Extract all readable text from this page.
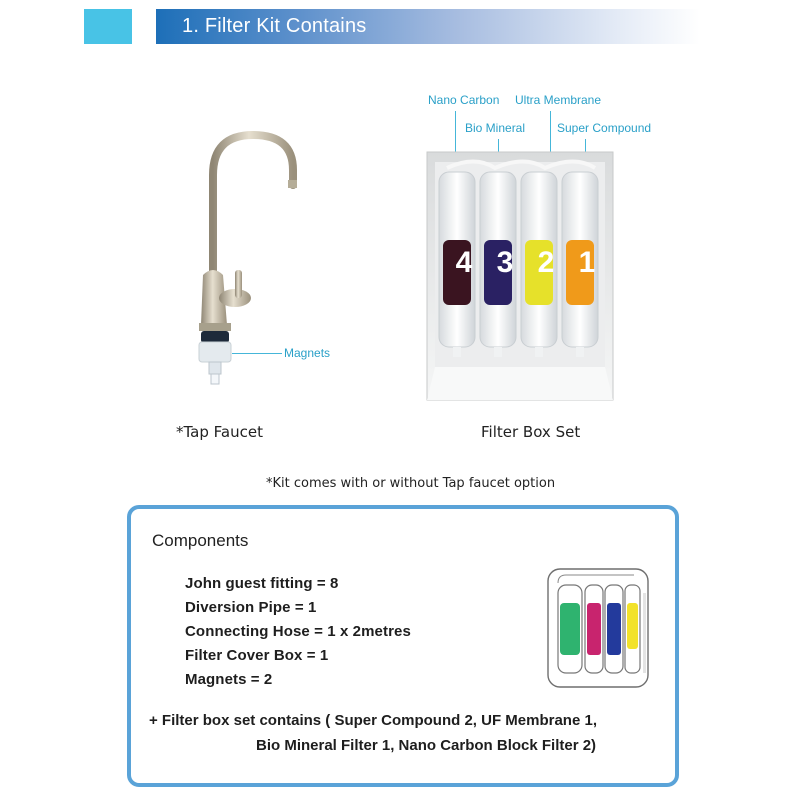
1. Filter Kit Contains
Magnets
*Tap Faucet
Nano Carbon Ultra Membrane
Bio Mineral	Super Compound
4 3 2 1
Filter Box Set
*Kit comes with or without Tap faucet option
Components
John guest fitting = 8
Diversion Pipe = 1
Connecting Hose = 1 x 2metres
Filter Cover Box = 1
Magnets = 2
+ Filter box set contains ( Super Compound 2, UF Membrane 1,
Bio Mineral Filter 1, Nano Carbon Block Filter 2)
